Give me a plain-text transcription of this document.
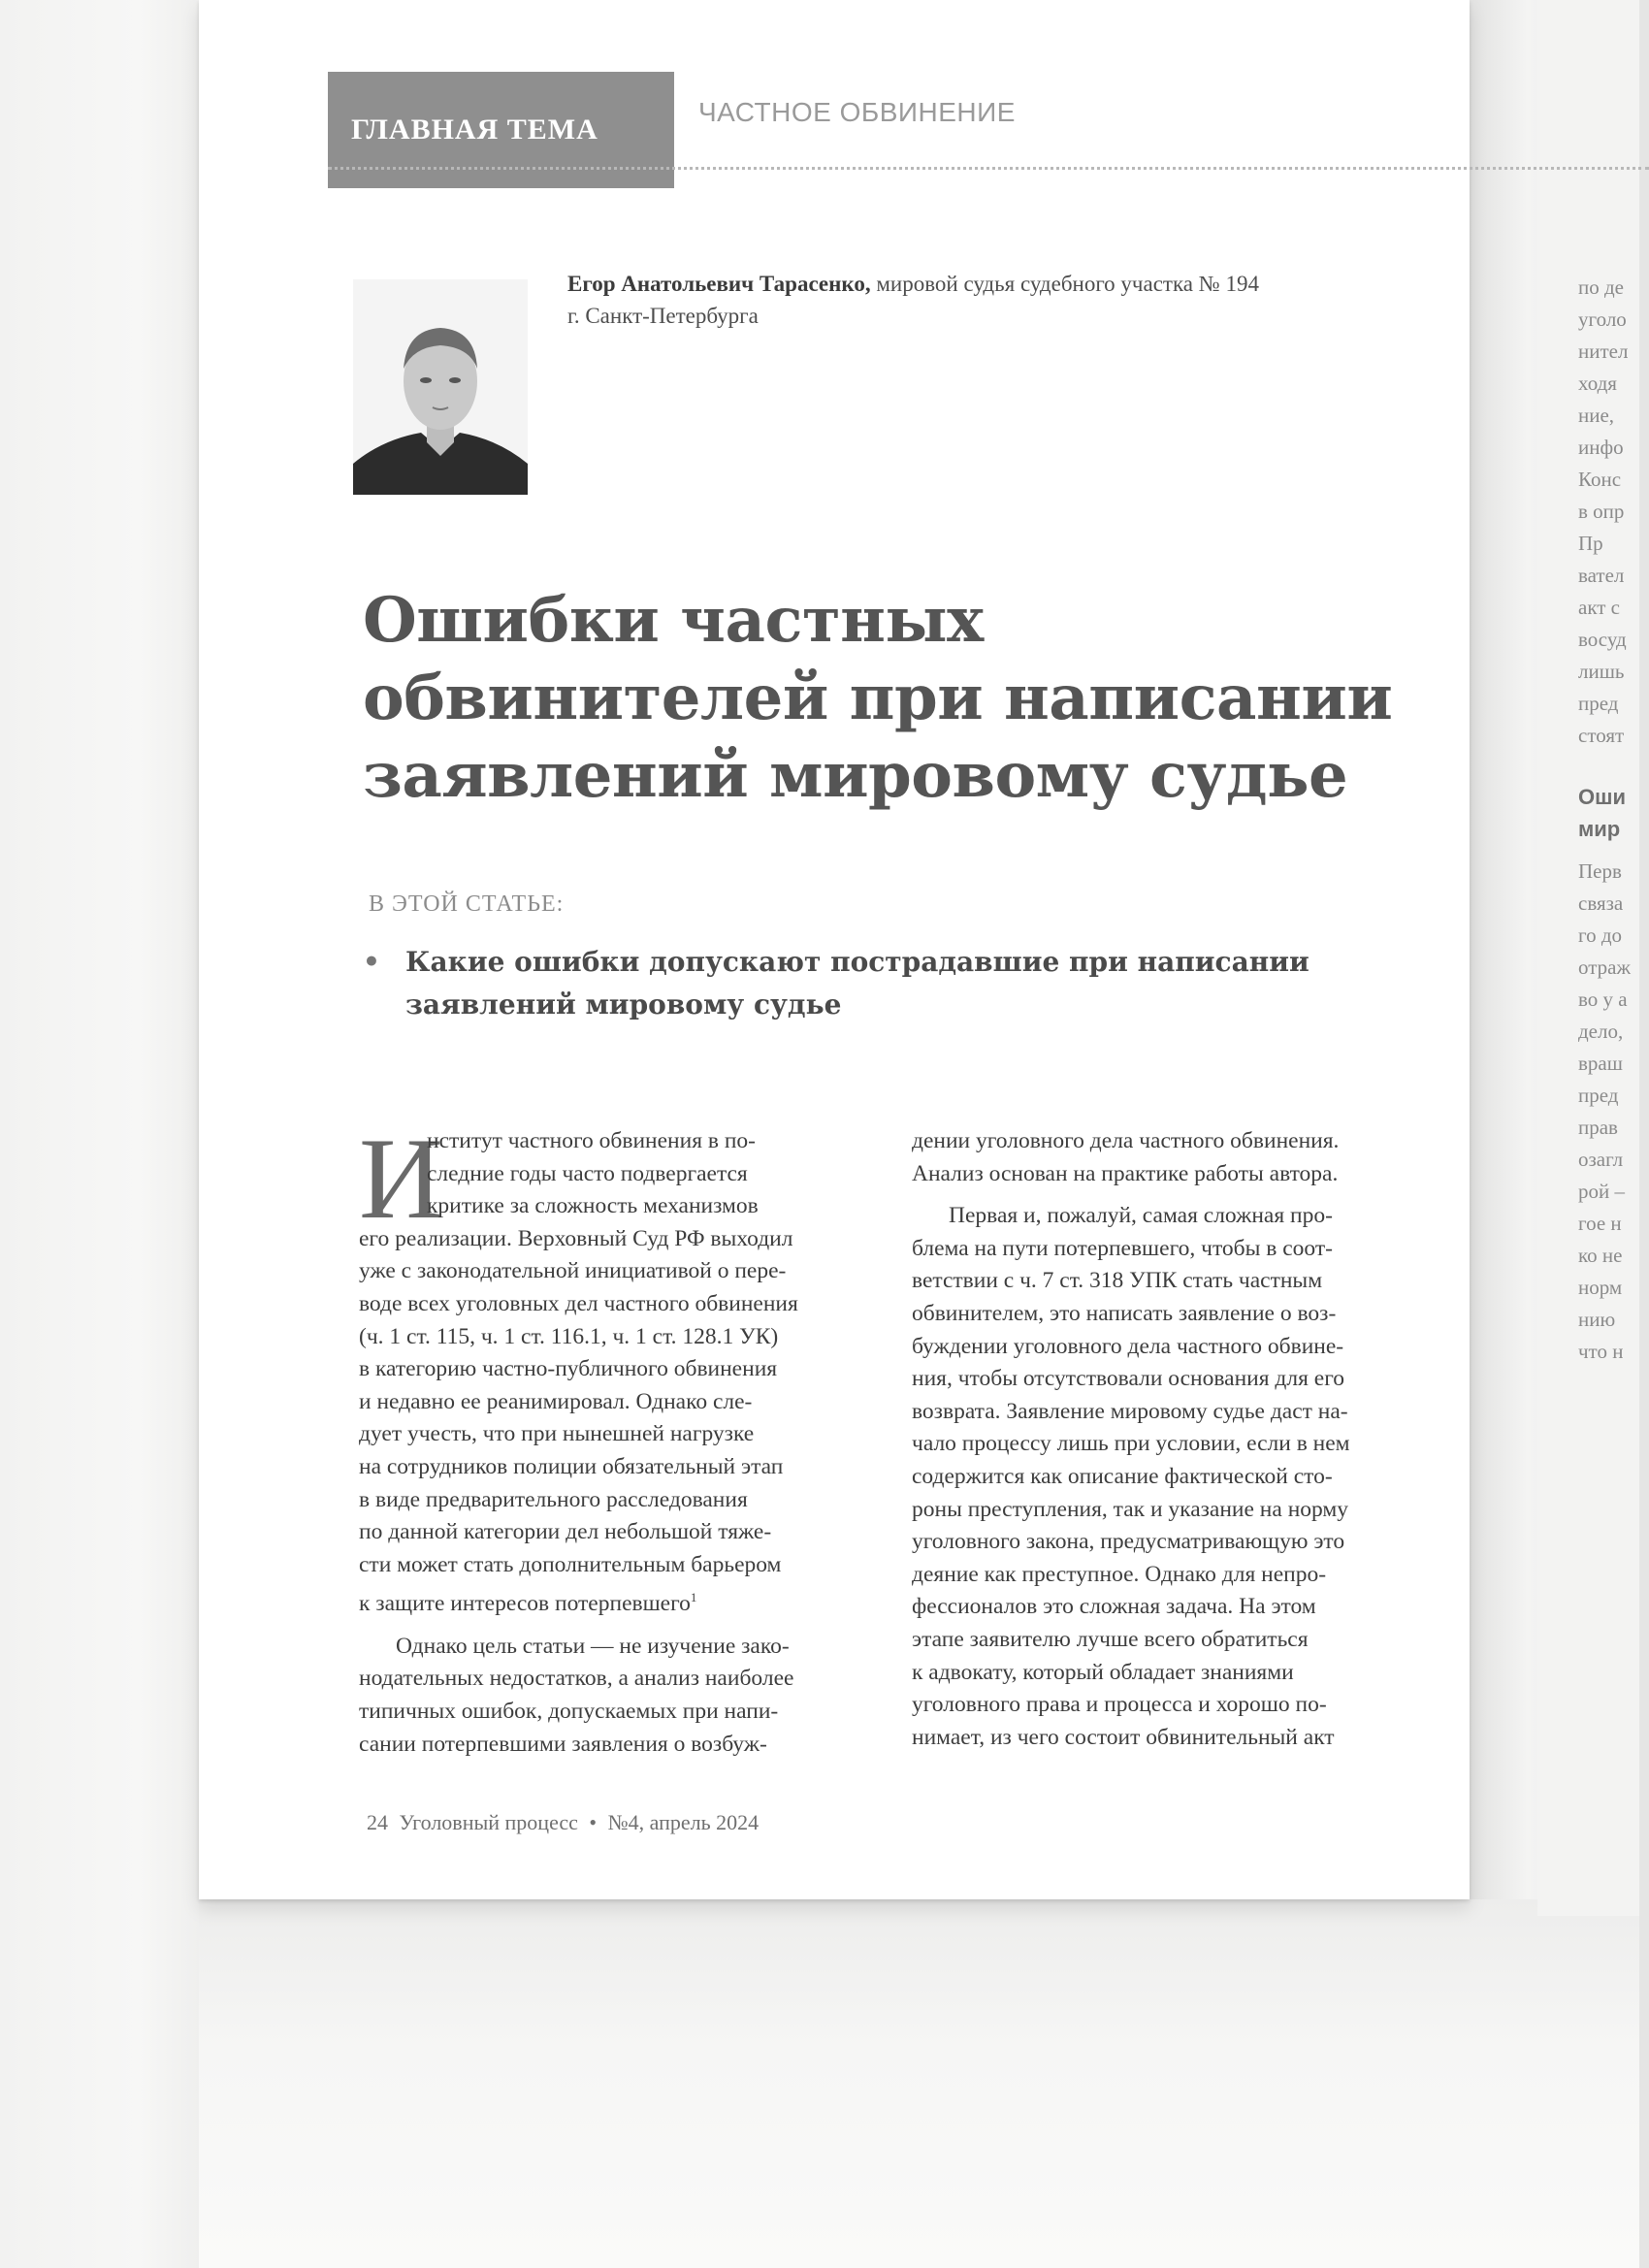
по де
уголо
нител
ходя
ние,
инфо
Конс
в опр
Пр
вател
акт с
восуд
лишь
пред
стоят
Оши
мир
Перв
связа
го до
отраж
во у а
дело,
враш
пред
прав
озагл
рой –
гое н
ко не
норм
нию
что н
ГЛАВНАЯ ТЕМА
ЧАСТНОЕ ОБВИНЕНИЕ
Егор Анатольевич Тарасенко, мировой судья судебного участка № 194
г. Санкт-Петербурга
Ошибки частных
обвинителей при написании
заявлений мировому судье
В ЭТОЙ СТАТЬЕ:
• Какие ошибки допускают пострадавшие при написании
заявлений мировому судье
И
нститут частного обвинения в по-
следние годы часто подвергается
критике за сложность механизмов
его реализации. Верховный Суд РФ выходил
уже с законодательной инициативой о пере-
воде всех уголовных дел частного обвинения
(ч. 1 ст. 115, ч. 1 ст. 116.1, ч. 1 ст. 128.1 УК)
в категорию частно-публичного обвинения
и недавно ее реанимировал. Однако сле-
дует учесть, что при нынешней нагрузке
на сотрудников полиции обязательный этап
в виде предварительного расследования
по данной категории дел небольшой тяже-
сти может стать дополнительным барьером
к защите интересов потерпевшего$^1$
Однако цель статьи — не изучение зако-
нодательных недостатков, а анализ наиболее
типичных ошибок, допускаемых при напи-
сании потерпевшими заявления о возбуж-
дении уголовного дела частного обвинения.
Анализ основан на практике работы автора.
Первая и, пожалуй, самая сложная про-
блема на пути потерпевшего, чтобы в соот-
ветствии с ч. 7 ст. 318 УПК стать частным
обвинителем, это написать заявление о воз-
буждении уголовного дела частного обвине-
ния, чтобы отсутствовали основания для его
возврата. Заявление мировому судье даст на-
чало процессу лишь при условии, если в нем
содержится как описание фактической сто-
роны преступления, так и указание на норму
уголовного закона, предусматривающую это
деяние как преступное. Однако для непро-
фессионалов это сложная задача. На этом
этапе заявителю лучше всего обратиться
к адвокату, который обладает знаниями
уголовного права и процесса и хорошо по-
нимает, из чего состоит обвинительный акт
24 Уголовный процесс • №4, апрель 2024
